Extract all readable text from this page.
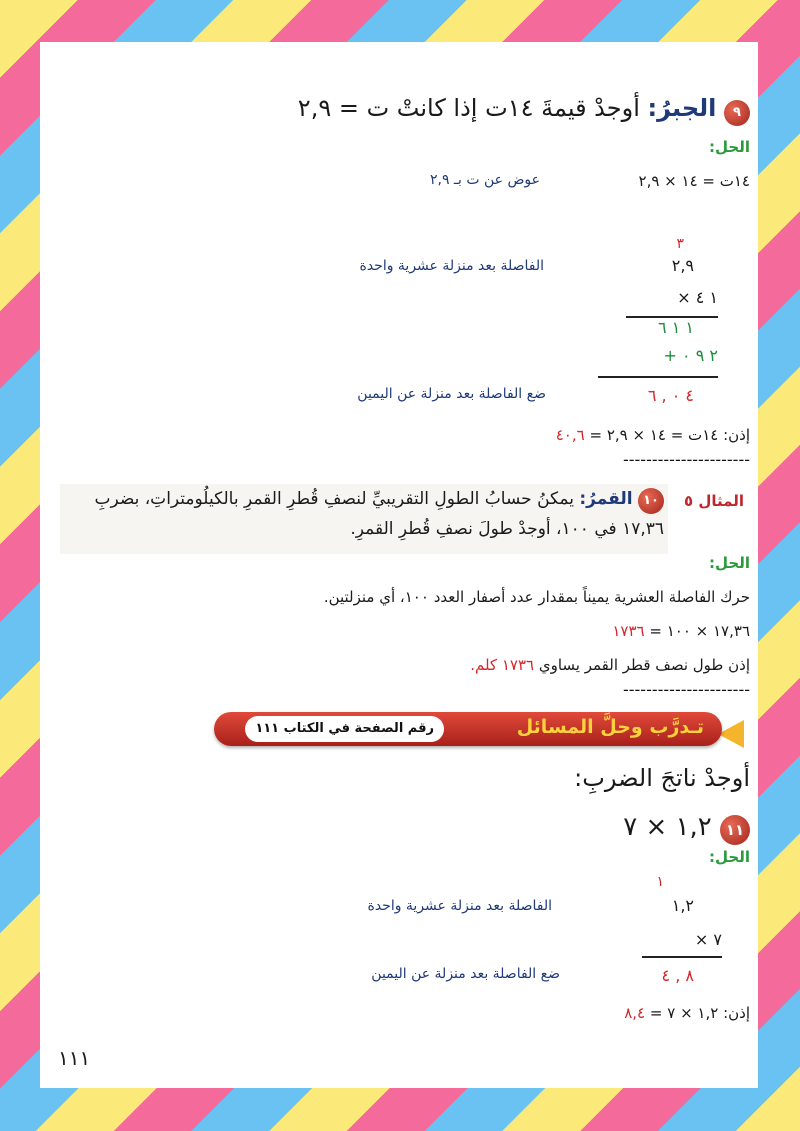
٩ الجبرُ: أوجدْ قيمةَ ١٤ت إذا كانتْ ت = ٢,٩
الحل:
١٤ت = ١٤ × ٢,٩
عوض عن ت بـ ٢,٩
٣
٢,٩
الفاصلة بعد منزلة عشرية واحدة
× ١ ٤
١ ١ ٦
+ ٢ ٩ ٠
٤ ٠ , ٦
ضع الفاصلة بعد منزلة عن اليمين
إذن: ١٤ت = ١٤ × ٢,٩ = ٤٠,٦
----------------------
المثال ٥
١٠ القمرُ: يمكنُ حسابُ الطولِ التقريبيِّ لنصفِ قُطرِ القمرِ بالكيلُومتراتِ، بضربِ
١٧,٣٦ في ١٠٠، أوجدْ طولَ نصفِ قُطرِ القمرِ.
الحل:
حرك الفاصلة العشرية يميناً بمقدار عدد أصفار العدد ١٠٠، أي منزلتين.
١٧,٣٦ × ١٠٠ = ١٧٣٦
إذن طول نصف قطر القمر يساوي ١٧٣٦ كلم.
----------------------
تـدرَّب وحلَّ المسائل
رقم الصفحة في الكتاب ١١١
أوجدْ ناتجَ الضربِ:
١١ ١,٢ × ٧
الحل:
١
١,٢
الفاصلة بعد منزلة عشرية واحدة
× ٧
٨ , ٤
ضع الفاصلة بعد منزلة عن اليمين
إذن: ١,٢ × ٧ = ٨,٤
١١١
